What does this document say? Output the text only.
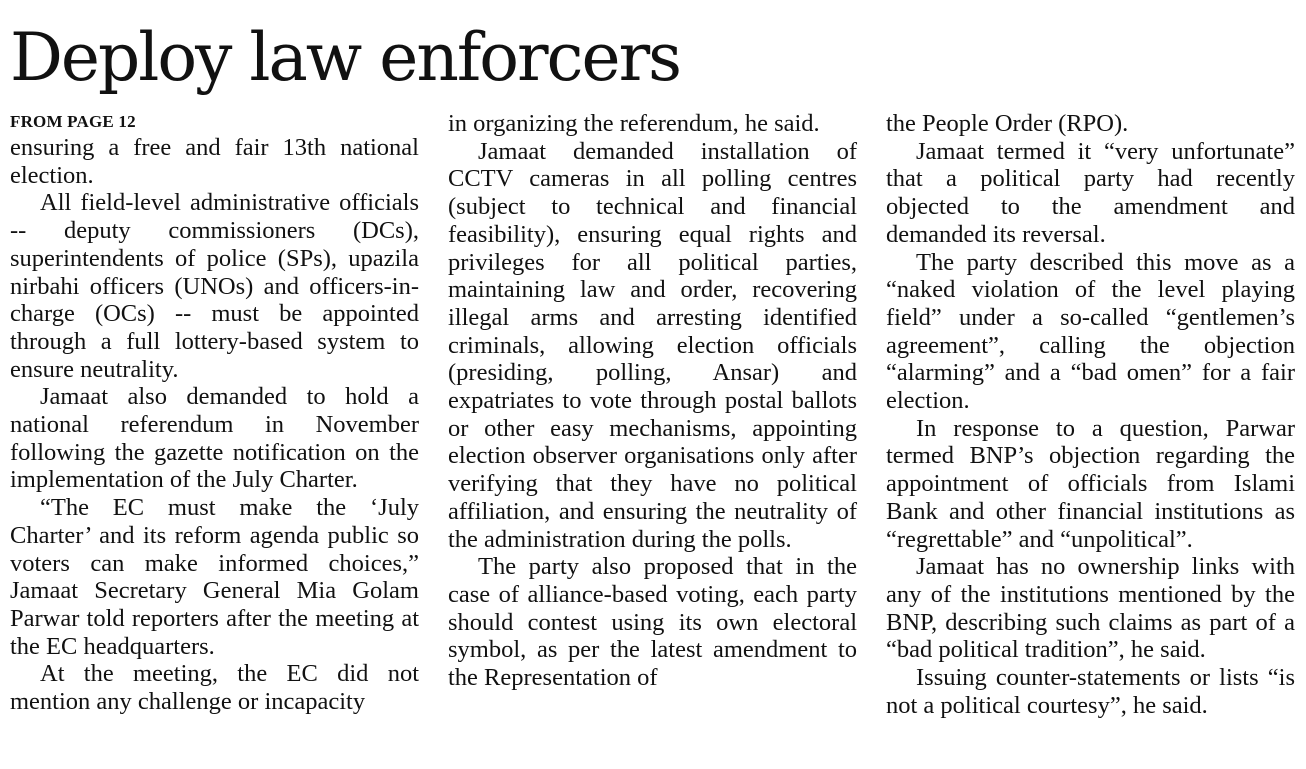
Deploy law enforcers
FROM PAGE 12

ensuring a free and fair 13th national election.

All field-level administrative officials -- deputy commissioners (DCs), superintendents of police (SPs), upazila nirbahi officers (UNOs) and officers-in-charge (OCs) -- must be appointed through a full lottery-based system to ensure neutrality.

Jamaat also demanded to hold a national referendum in November following the gazette notification on the implementation of the July Charter.

“The EC must make the ‘July Charter’ and its reform agenda public so voters can make informed choices,” Jamaat Secretary General Mia Golam Parwar told reporters after the meeting at the EC headquarters.

At the meeting, the EC did not mention any challenge or incapacity

in organizing the referendum, he said.

Jamaat demanded installation of CCTV cameras in all polling centres (subject to technical and financial feasibility), ensuring equal rights and privileges for all political parties, maintaining law and order, recovering illegal arms and arresting identified criminals, allowing election officials (presiding, polling, Ansar) and expatriates to vote through postal ballots or other easy mechanisms, appointing election observer organisations only after verifying that they have no political affiliation, and ensuring the neutrality of the administration during the polls.

The party also proposed that in the case of alliance-based voting, each party should contest using its own electoral symbol, as per the latest amendment to the Representation of

the People Order (RPO).

Jamaat termed it “very unfortunate” that a political party had recently objected to the amendment and demanded its reversal.

The party described this move as a “naked violation of the level playing field” under a so-called “gentlemen’s agreement”, calling the objection “alarming” and a “bad omen” for a fair election.

In response to a question, Parwar termed BNP’s objection regarding the appointment of officials from Islami Bank and other financial institutions as “regrettable” and “unpolitical”.

Jamaat has no ownership links with any of the institutions mentioned by the BNP, describing such claims as part of a “bad political tradition”, he said.

Issuing counter-statements or lists “is not a political courtesy”, he said.
